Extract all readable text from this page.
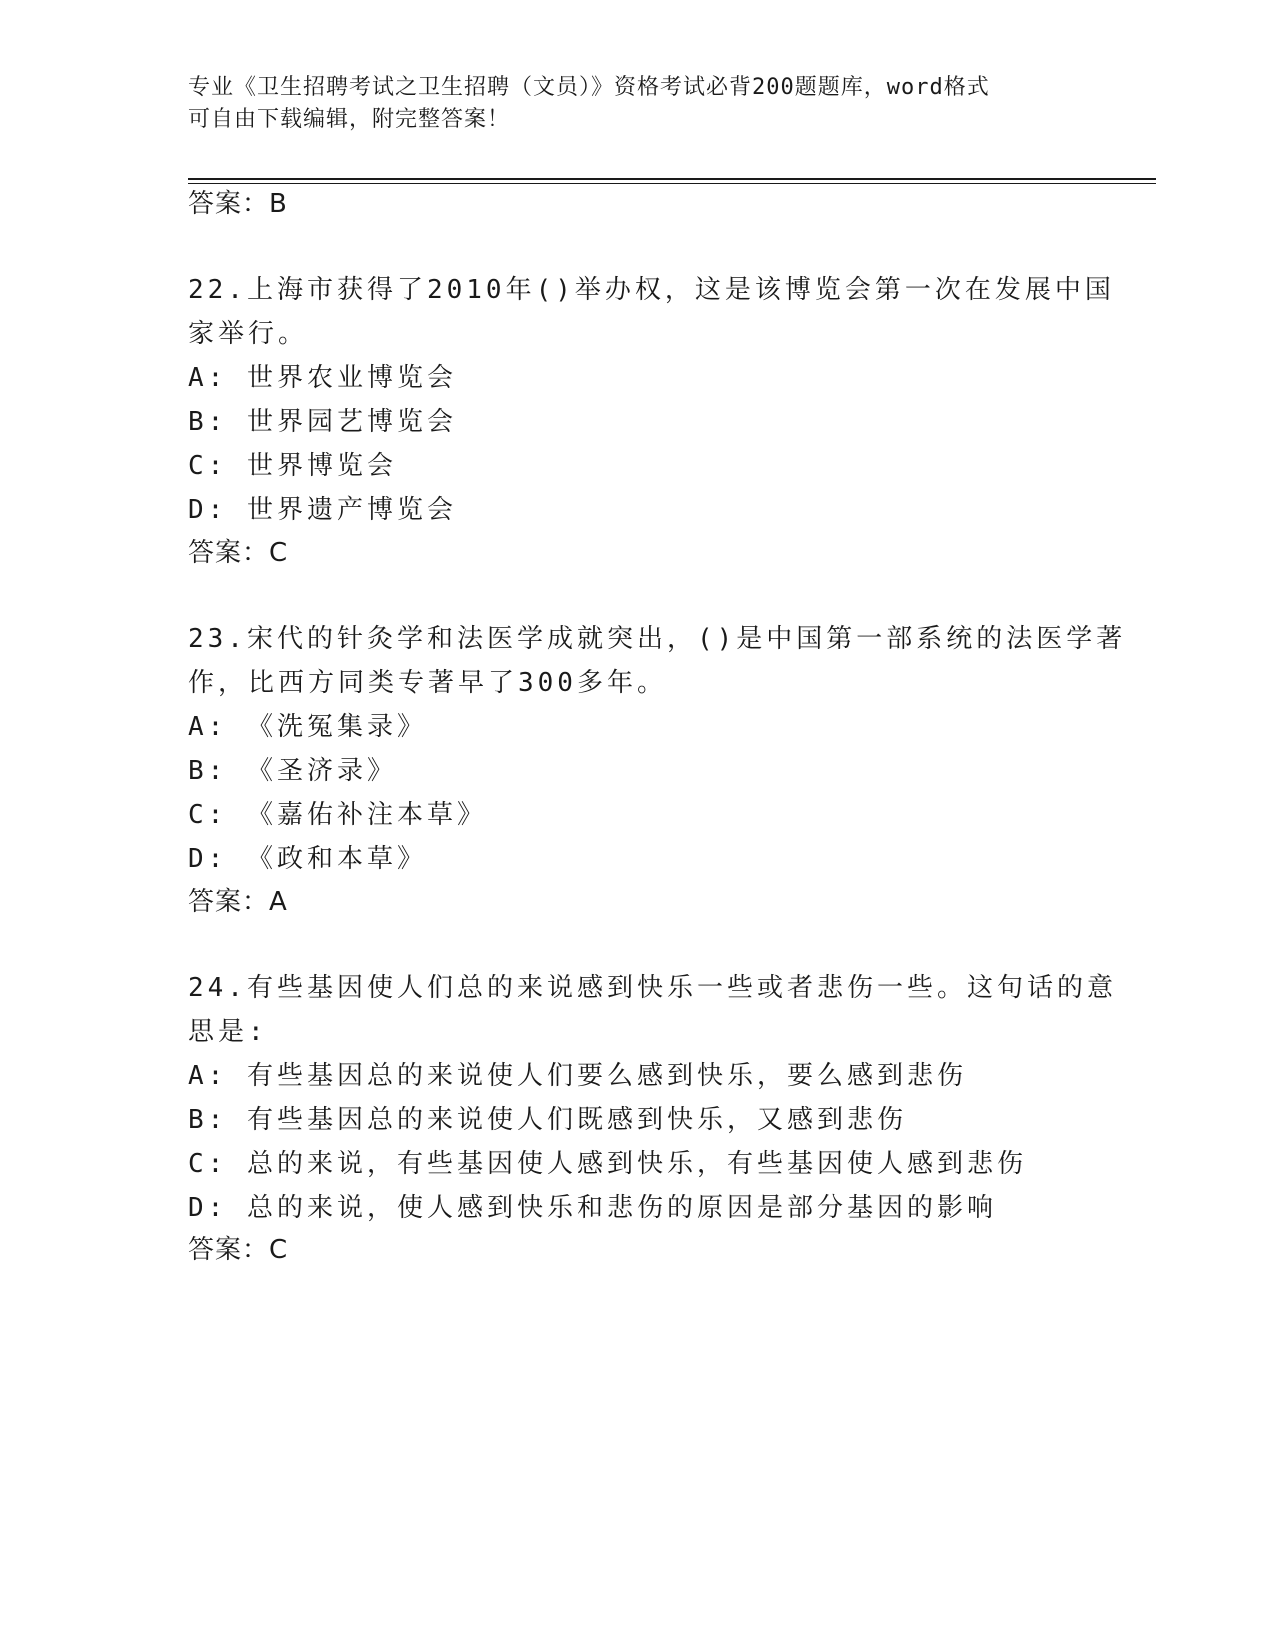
专业《卫生招聘考试之卫生招聘（文员）》资格考试必背200题题库，word格式
可自由下载编辑，附完整答案！
答案：B
22.上海市获得了2010年()举办权，这是该博览会第一次在发展中国
家举行。
A: 世界农业博览会
B: 世界园艺博览会
C: 世界博览会
D: 世界遗产博览会
答案：C
23.宋代的针灸学和法医学成就突出，()是中国第一部系统的法医学著
作，比西方同类专著早了300多年。
A: 《洗冤集录》
B: 《圣济录》
C: 《嘉佑补注本草》
D: 《政和本草》
答案：A
24.有些基因使人们总的来说感到快乐一些或者悲伤一些。这句话的意
思是:
A: 有些基因总的来说使人们要么感到快乐，要么感到悲伤
B: 有些基因总的来说使人们既感到快乐，又感到悲伤
C: 总的来说，有些基因使人感到快乐，有些基因使人感到悲伤
D: 总的来说，使人感到快乐和悲伤的原因是部分基因的影响
答案：C
